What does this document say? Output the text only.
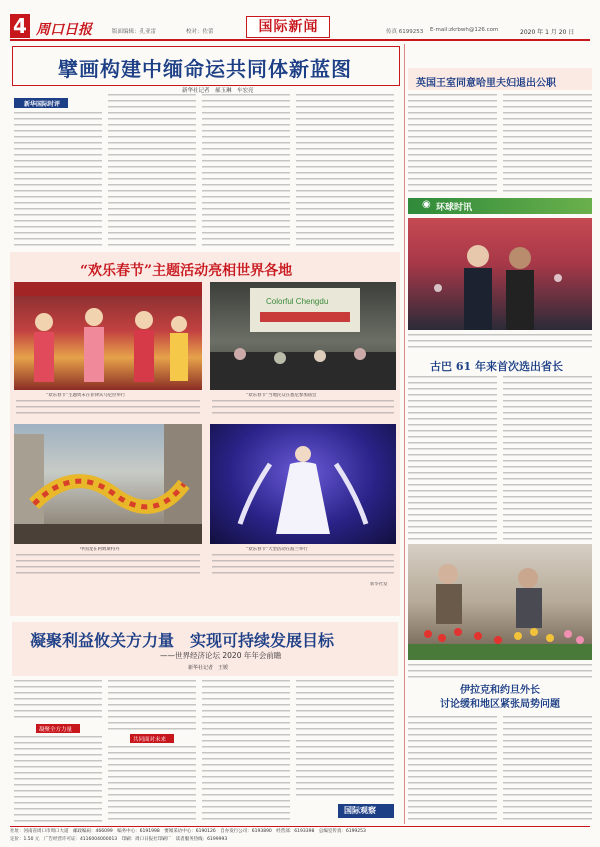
4 周口日报	版面编辑：孔亚雷	校对：佐蕾	国际新闻	传真 6199253 E-mail:zkrbwh@126.com	2020 年 1 月 20 日
擘画构建中缅命运共同体新蓝图
新华社记者　郝玉琳　车宏亮
新华国际时评
“欢乐春节”主题活动亮相世界各地
“欢乐春节”主题周末在菲律宾马尼拉举行
Colorful Chengdu
“欢乐春节”当地民众在悉尼参加庙会
中国龙在阿姆斯特丹	“欢乐春节”大型活动在波兰举行
新华社发
凝聚利益攸关方力量　实现可持续发展目标
——世界经济论坛 2020 年年会前瞻
新华社记者　王媛
凝聚全方力量
共同面对未来
国际观察
英国王室同意哈里夫妇退出公职
◉ 环球时讯
古巴 61 年来首次选出省长
伊拉克和约旦外长
讨论缓和地区紧张局势问题
社址：河南省周口市周口大道　邮政编码：466099　编务中心：6191998　要闻采访中心：6190126　自办发行公司：6193890　经营部：6193398　总编室传真：6199253
定价：1.50 元　广告经营许可证：4116004000013　印刷：周口日报社印刷厂　读者服务热线：6199993
